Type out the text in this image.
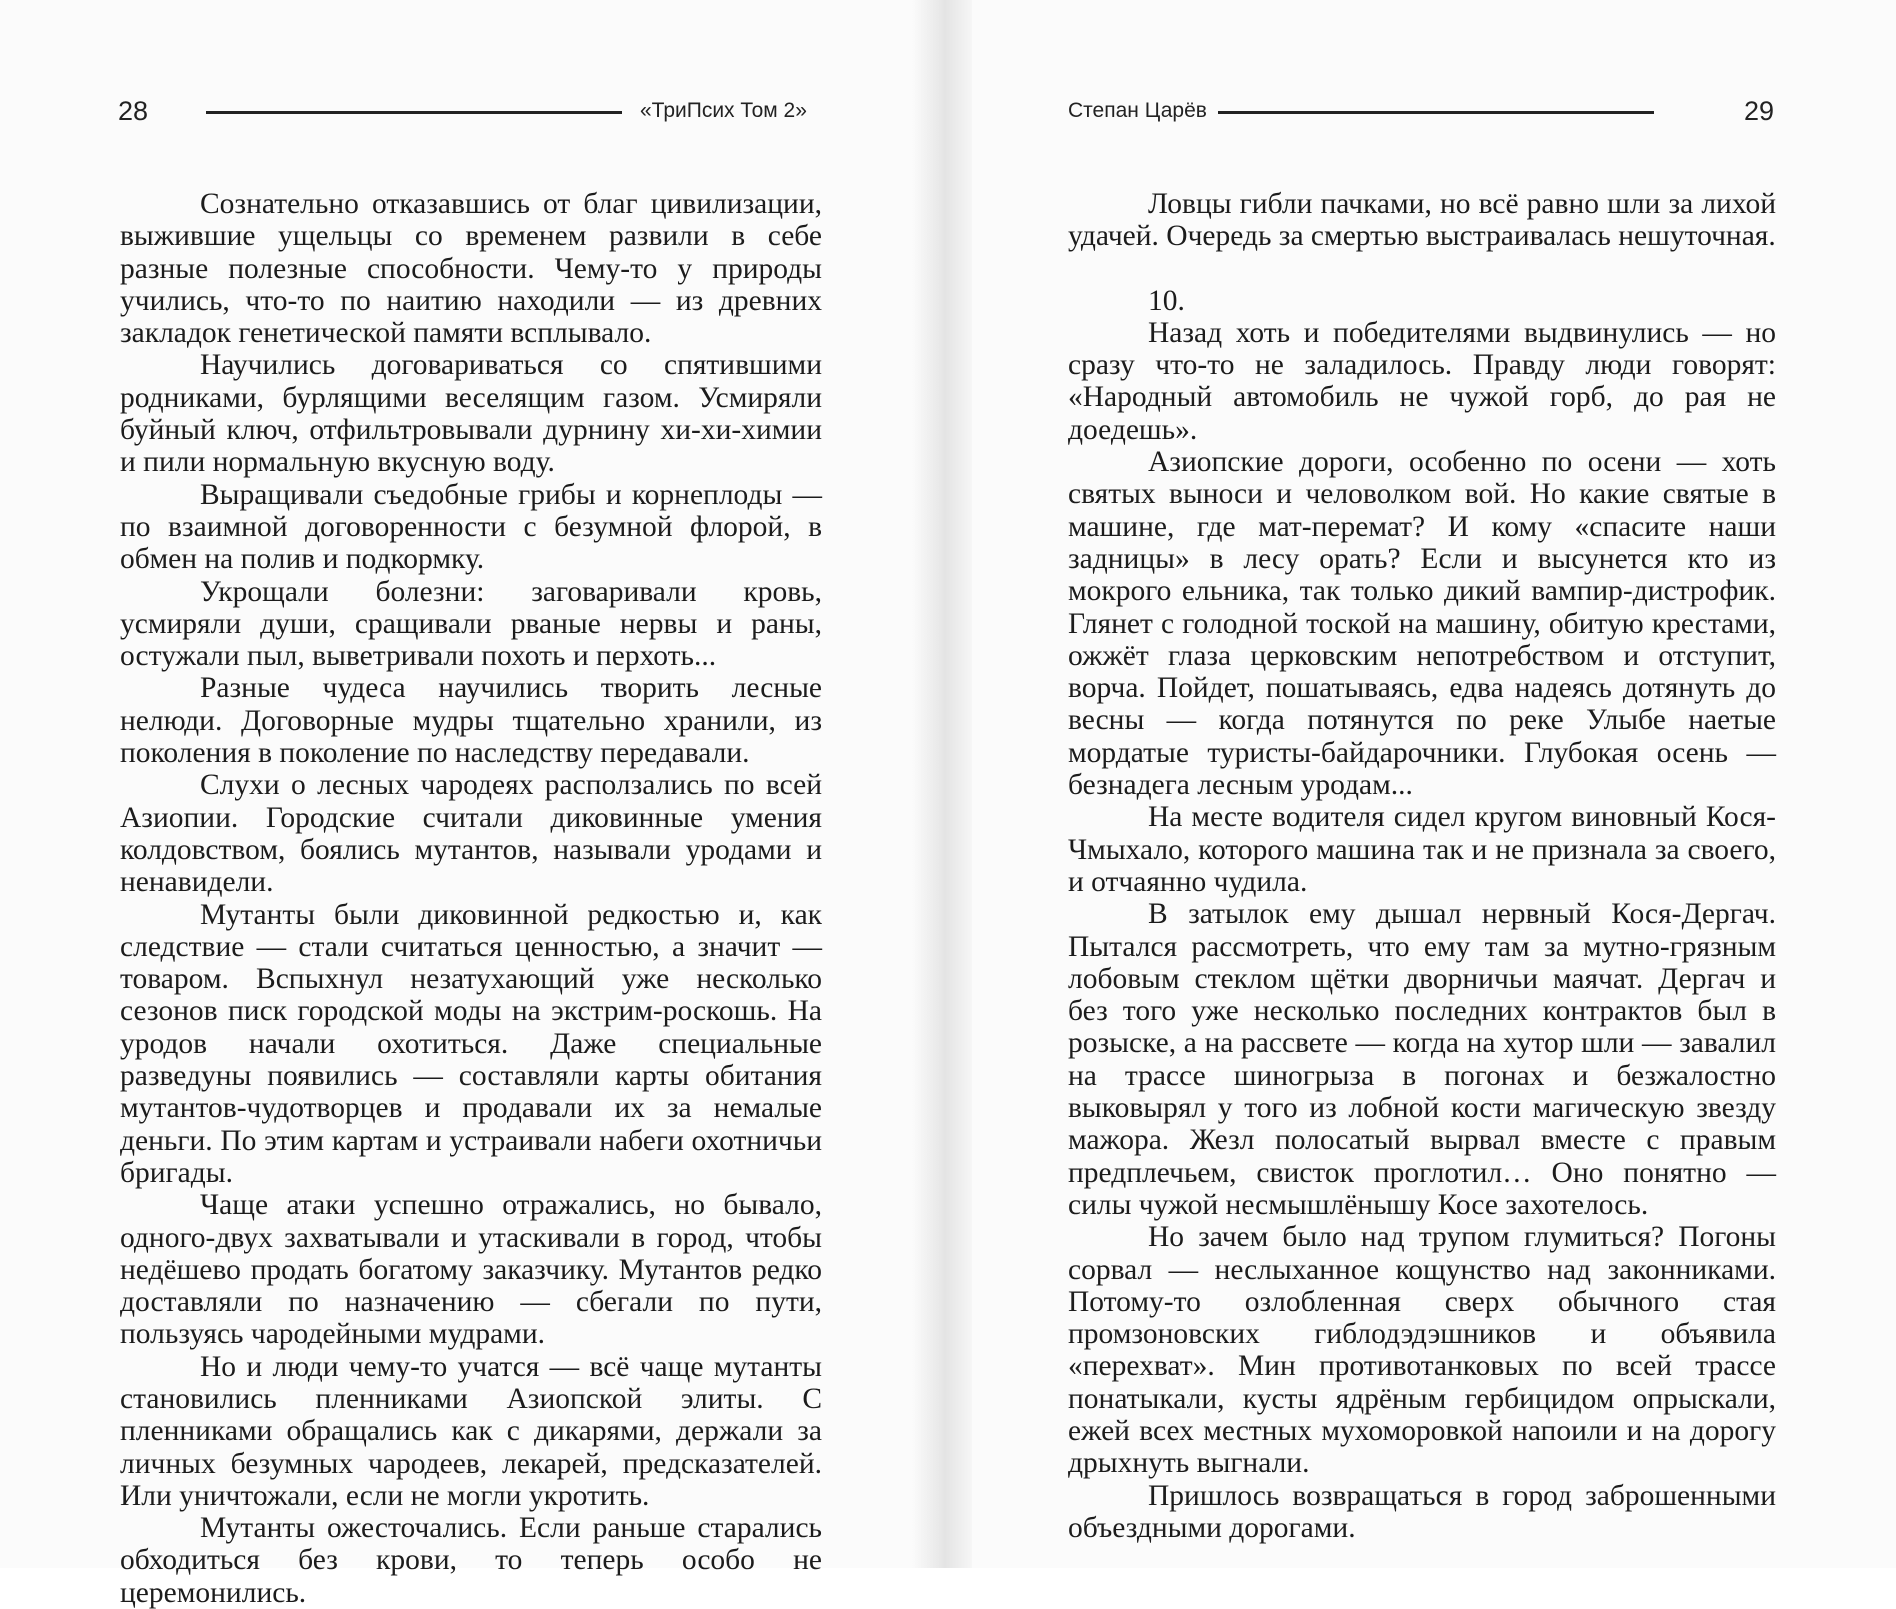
28	«ТриПсих Том 2»

Сознательно отказавшись от благ цивилизации, выжившие ущельцы со временем развили в себе разные полезные способности. Чему-то у природы учились, что-то по наитию находили — из древних закладок генетической памяти всплывало.

Научились договариваться со спятившими родниками, бурлящими веселящим газом. Усмиряли буйный ключ, отфильтровывали дурнину хи-хи-химии и пили нормальную вкусную воду.

Выращивали съедобные грибы и корнеплоды — по взаимной договоренности с безумной флорой, в обмен на полив и подкормку.

Укрощали болезни: заговаривали кровь, усмиряли души, сращивали рваные нервы и раны, остужали пыл, выветривали похоть и перхоть...

Разные чудеса научились творить лесные нелюди. Договорные мудры тщательно хранили, из поколения в поколение по наследству передавали.

Слухи о лесных чародеях расползались по всей Азиопии. Городские считали диковинные умения колдовством, боялись мутантов, называли уродами и ненавидели.

Мутанты были диковинной редкостью и, как следствие — стали считаться ценностью, а значит — товаром. Вспыхнул незатухающий уже несколько сезонов писк городской моды на экстрим-роскошь. На уродов начали охотиться. Даже специальные разведуны появились — составляли карты обитания мутантов-чудотворцев и продавали их за немалые деньги. По этим картам и устраивали набеги охотничьи бригады.

Чаще атаки успешно отражались, но бывало, одного-двух захватывали и утаскивали в город, чтобы недёшево продать богатому заказчику. Мутантов редко доставляли по назначению — сбегали по пути, пользуясь чародейными мудрами.

Но и люди чему-то учатся — всё чаще мутанты становились пленниками Азиопской элиты. С пленниками обращались как с дикарями, держали за личных безумных чародеев, лекарей, предсказателей. Или уничтожали, если не могли укротить.

Мутанты ожесточались. Если раньше старались обходиться без крови, то теперь особо не церемонились.

Степан Царёв	29

Ловцы гибли пачками, но всё равно шли за лихой удачей. Очередь за смертью выстраивалась нешуточная.

10.

Назад хоть и победителями выдвинулись — но сразу что-то не заладилось. Правду люди говорят: «Народный автомобиль не чужой горб, до рая не доедешь».

Азиопские дороги, особенно по осени — хоть святых выноси и человолком вой. Но какие святые в машине, где мат-перемат? И кому «спасите наши задницы» в лесу орать? Если и высунется кто из мокрого ельника, так только дикий вампир-дистрофик. Глянет с голодной тоской на машину, обитую крестами, ожжёт глаза церковским непотребством и отступит, ворча. Пойдет, пошатываясь, едва надеясь дотянуть до весны — когда потянутся по реке Улыбе наетые мордатые туристы-байдарочники. Глубокая осень — безнадега лесным уродам...

На месте водителя сидел кругом виновный Кося-Чмыхало, которого машина так и не признала за своего, и отчаянно чудила.

В затылок ему дышал нервный Кося-Дергач. Пытался рассмотреть, что ему там за мутно-грязным лобовым стеклом щётки дворничьи маячат. Дергач и без того уже несколько последних контрактов был в розыске, а на рассвете — когда на хутор шли — завалил на трассе шиногрыза в погонах и безжалостно выковырял у того из лобной кости магическую звезду мажора. Жезл полосатый вырвал вместе с правым предплечьем, свисток проглотил… Оно понятно — силы чужой несмышлёнышу Косе захотелось.

Но зачем было над трупом глумиться? Погоны сорвал — неслыханное кощунство над законниками. Потому-то озлобленная сверх обычного стая промзоновских гиблодэдэшников и объявила «перехват». Мин противотанковых по всей трассе понатыкали, кусты ядрёным гербицидом опрыскали, ежей всех местных мухоморовкой напоили и на дорогу дрыхнуть выгнали.

Пришлось возвращаться в город заброшенными объездными дорогами.
